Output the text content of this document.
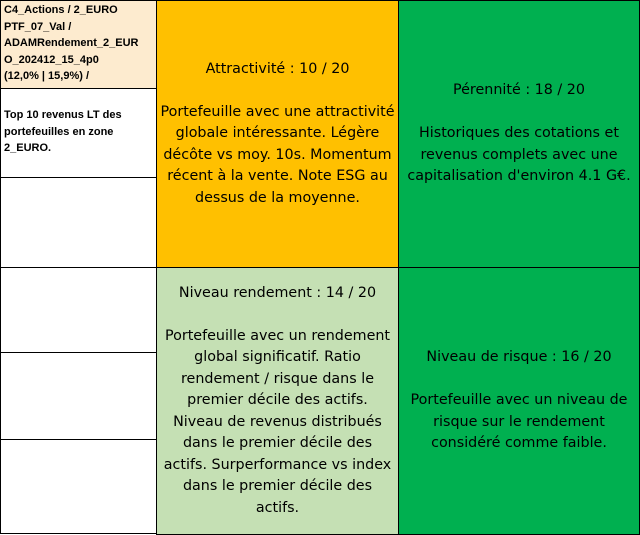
C4_Actions / 2_EURO
PTF_07_Val /
ADAMRendement_2_EUR
O_202412_15_4p0
(12,0% | 15,9%) /
Top 10 revenus LT des
portefeuilles en zone
2_EURO.
Attractivité : 10 / 20
Portefeuille avec une attractivité globale intéressante. Légère décôte vs moy. 10s. Momentum récent à la vente. Note ESG au dessus de la moyenne.
Pérennité : 18 / 20
Historiques des cotations et revenus complets avec une capitalisation d'environ 4.1 G€.
Niveau rendement : 14 / 20
Portefeuille avec un rendement global significatif. Ratio rendement / risque dans le premier décile des actifs. Niveau de revenus distribués dans le premier décile des actifs. Surperformance vs index dans le premier décile des actifs.
Niveau de risque : 16 / 20
Portefeuille avec un niveau de risque sur le rendement considéré comme faible.
